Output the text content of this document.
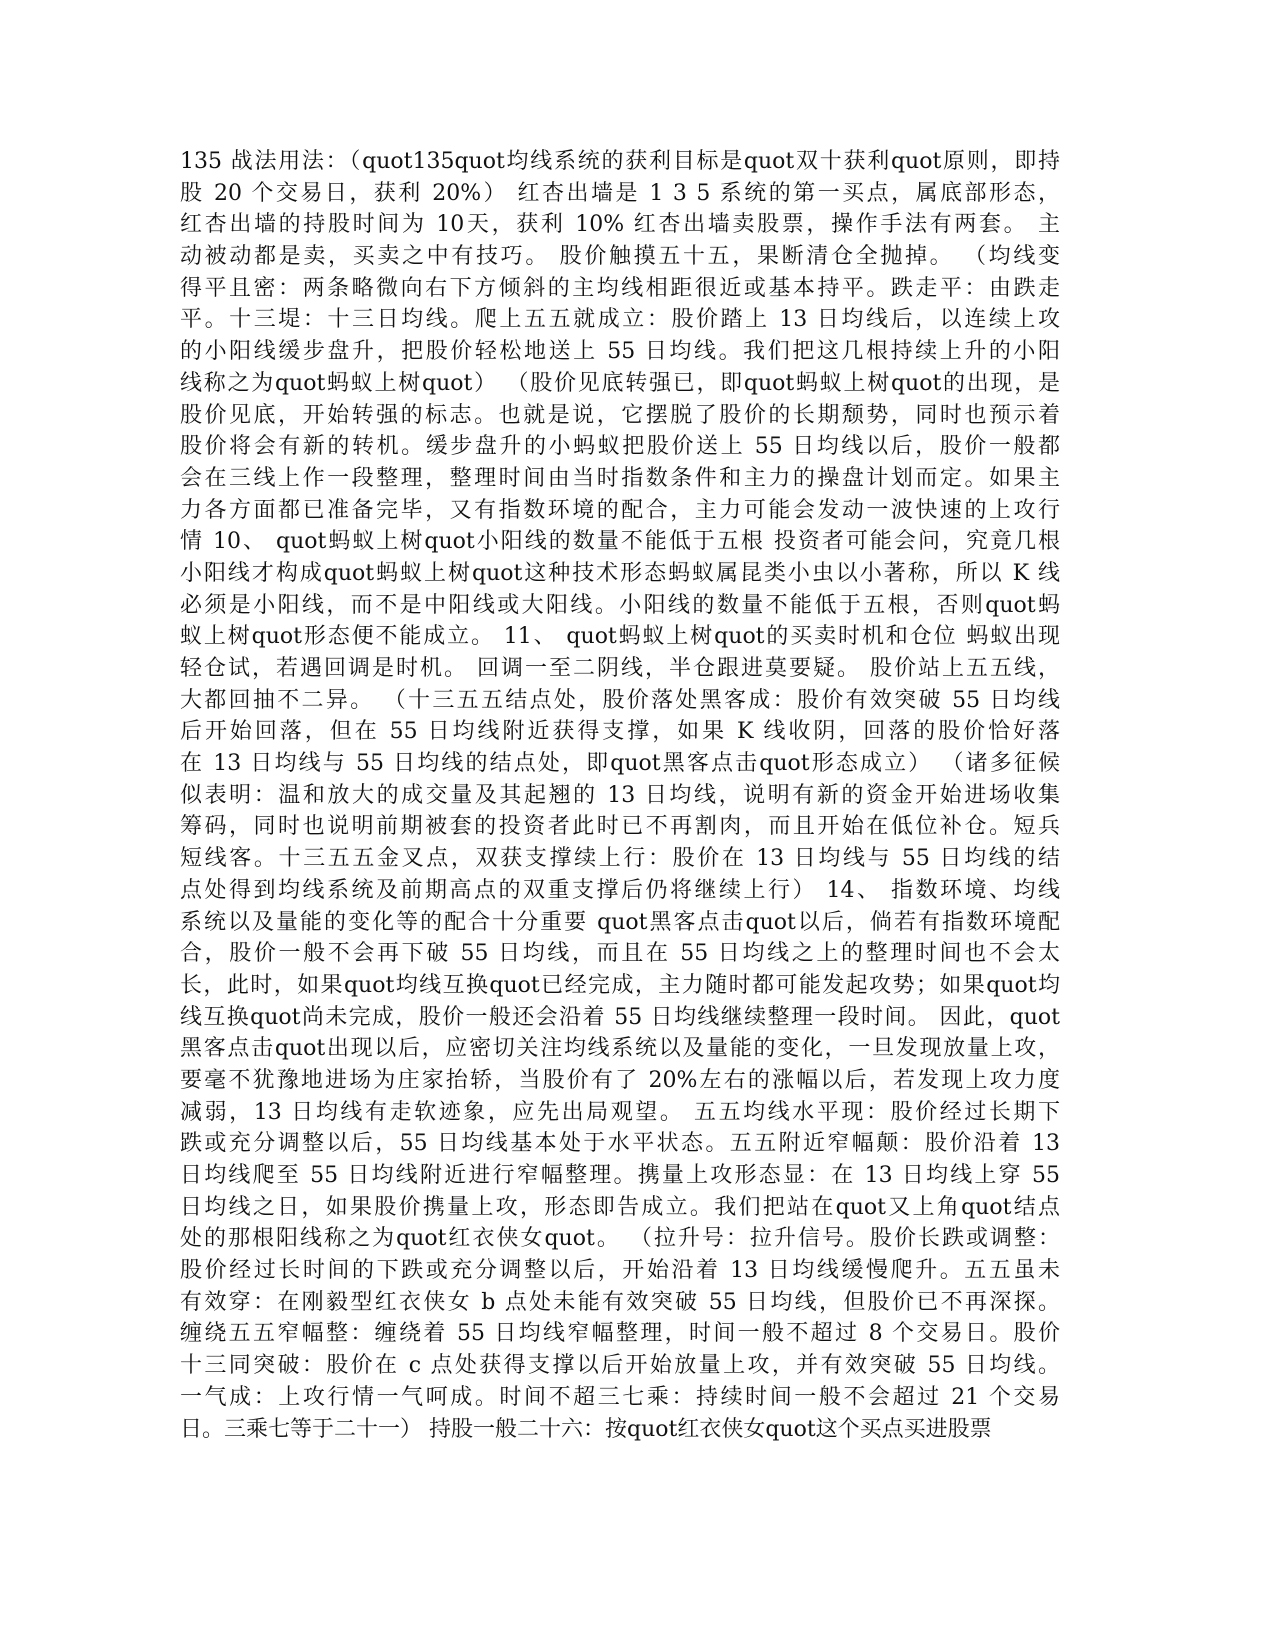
135 战法用法：（quot135quot均线系统的获利目标是quot双十获利quot原则，即持
股 20 个交易日，获利 20%） 红杏出墙是 1 3 5 系统的第一买点，属底部形态，
红杏出墙的持股时间为 10天，获利 10% 红杏出墙卖股票，操作手法有两套。 主
动被动都是卖，买卖之中有技巧。 股价触摸五十五，果断清仓全抛掉。 （均线变
得平且密：两条略微向右下方倾斜的主均线相距很近或基本持平。跌走平：由跌走
平。十三堤：十三日均线。爬上五五就成立：股价踏上 13 日均线后，以连续上攻
的小阳线缓步盘升，把股价轻松地送上 55 日均线。我们把这几根持续上升的小阳
线称之为quot蚂蚁上树quot） （股价见底转强已，即quot蚂蚁上树quot的出现，是
股价见底，开始转强的标志。也就是说，它摆脱了股价的长期颓势，同时也预示着
股价将会有新的转机。缓步盘升的小蚂蚁把股价送上 55 日均线以后，股价一般都
会在三线上作一段整理，整理时间由当时指数条件和主力的操盘计划而定。如果主
力各方面都已准备完毕，又有指数环境的配合，主力可能会发动一波快速的上攻行
情 10、 quot蚂蚁上树quot小阳线的数量不能低于五根 投资者可能会问，究竟几根
小阳线才构成quot蚂蚁上树quot这种技术形态蚂蚁属昆类小虫以小著称，所以 K 线
必须是小阳线，而不是中阳线或大阳线。小阳线的数量不能低于五根，否则quot蚂
蚁上树quot形态便不能成立。 11、 quot蚂蚁上树quot的买卖时机和仓位 蚂蚁出现
轻仓试，若遇回调是时机。 回调一至二阴线，半仓跟进莫要疑。 股价站上五五线，
大都回抽不二异。 （十三五五结点处，股价落处黑客成：股价有效突破 55 日均线
后开始回落，但在 55 日均线附近获得支撑，如果 K 线收阴，回落的股价恰好落
在 13 日均线与 55 日均线的结点处，即quot黑客点击quot形态成立） （诸多征候
似表明：温和放大的成交量及其起翘的 13 日均线，说明有新的资金开始进场收集
筹码，同时也说明前期被套的投资者此时已不再割肉，而且开始在低位补仓。短兵
短线客。十三五五金叉点，双获支撑续上行：股价在 13 日均线与 55 日均线的结
点处得到均线系统及前期高点的双重支撑后仍将继续上行） 14、 指数环境、均线
系统以及量能的变化等的配合十分重要 quot黑客点击quot以后，倘若有指数环境配
合，股价一般不会再下破 55 日均线，而且在 55 日均线之上的整理时间也不会太
长，此时，如果quot均线互换quot已经完成，主力随时都可能发起攻势；如果quot均
线互换quot尚未完成，股价一般还会沿着 55 日均线继续整理一段时间。 因此，quot
黑客点击quot出现以后，应密切关注均线系统以及量能的变化，一旦发现放量上攻，
要毫不犹豫地进场为庄家抬轿，当股价有了 20%左右的涨幅以后，若发现上攻力度
减弱，13 日均线有走软迹象，应先出局观望。 五五均线水平现：股价经过长期下
跌或充分调整以后，55 日均线基本处于水平状态。五五附近窄幅颠：股价沿着 13
日均线爬至 55 日均线附近进行窄幅整理。携量上攻形态显：在 13 日均线上穿 55
日均线之日，如果股价携量上攻，形态即告成立。我们把站在quot又上角quot结点
处的那根阳线称之为quot红衣侠女quot。 （拉升号：拉升信号。股价长跌或调整：
股价经过长时间的下跌或充分调整以后，开始沿着 13 日均线缓慢爬升。五五虽未
有效穿：在刚毅型红衣侠女 b 点处未能有效突破 55 日均线，但股价已不再深探。
缠绕五五窄幅整：缠绕着 55 日均线窄幅整理，时间一般不超过 8 个交易日。股价
十三同突破：股价在 c 点处获得支撑以后开始放量上攻，并有效突破 55 日均线。
一气成：上攻行情一气呵成。时间不超三七乘：持续时间一般不会超过 21 个交易
日。三乘七等于二十一） 持股一般二十六：按quot红衣侠女quot这个买点买进股票
